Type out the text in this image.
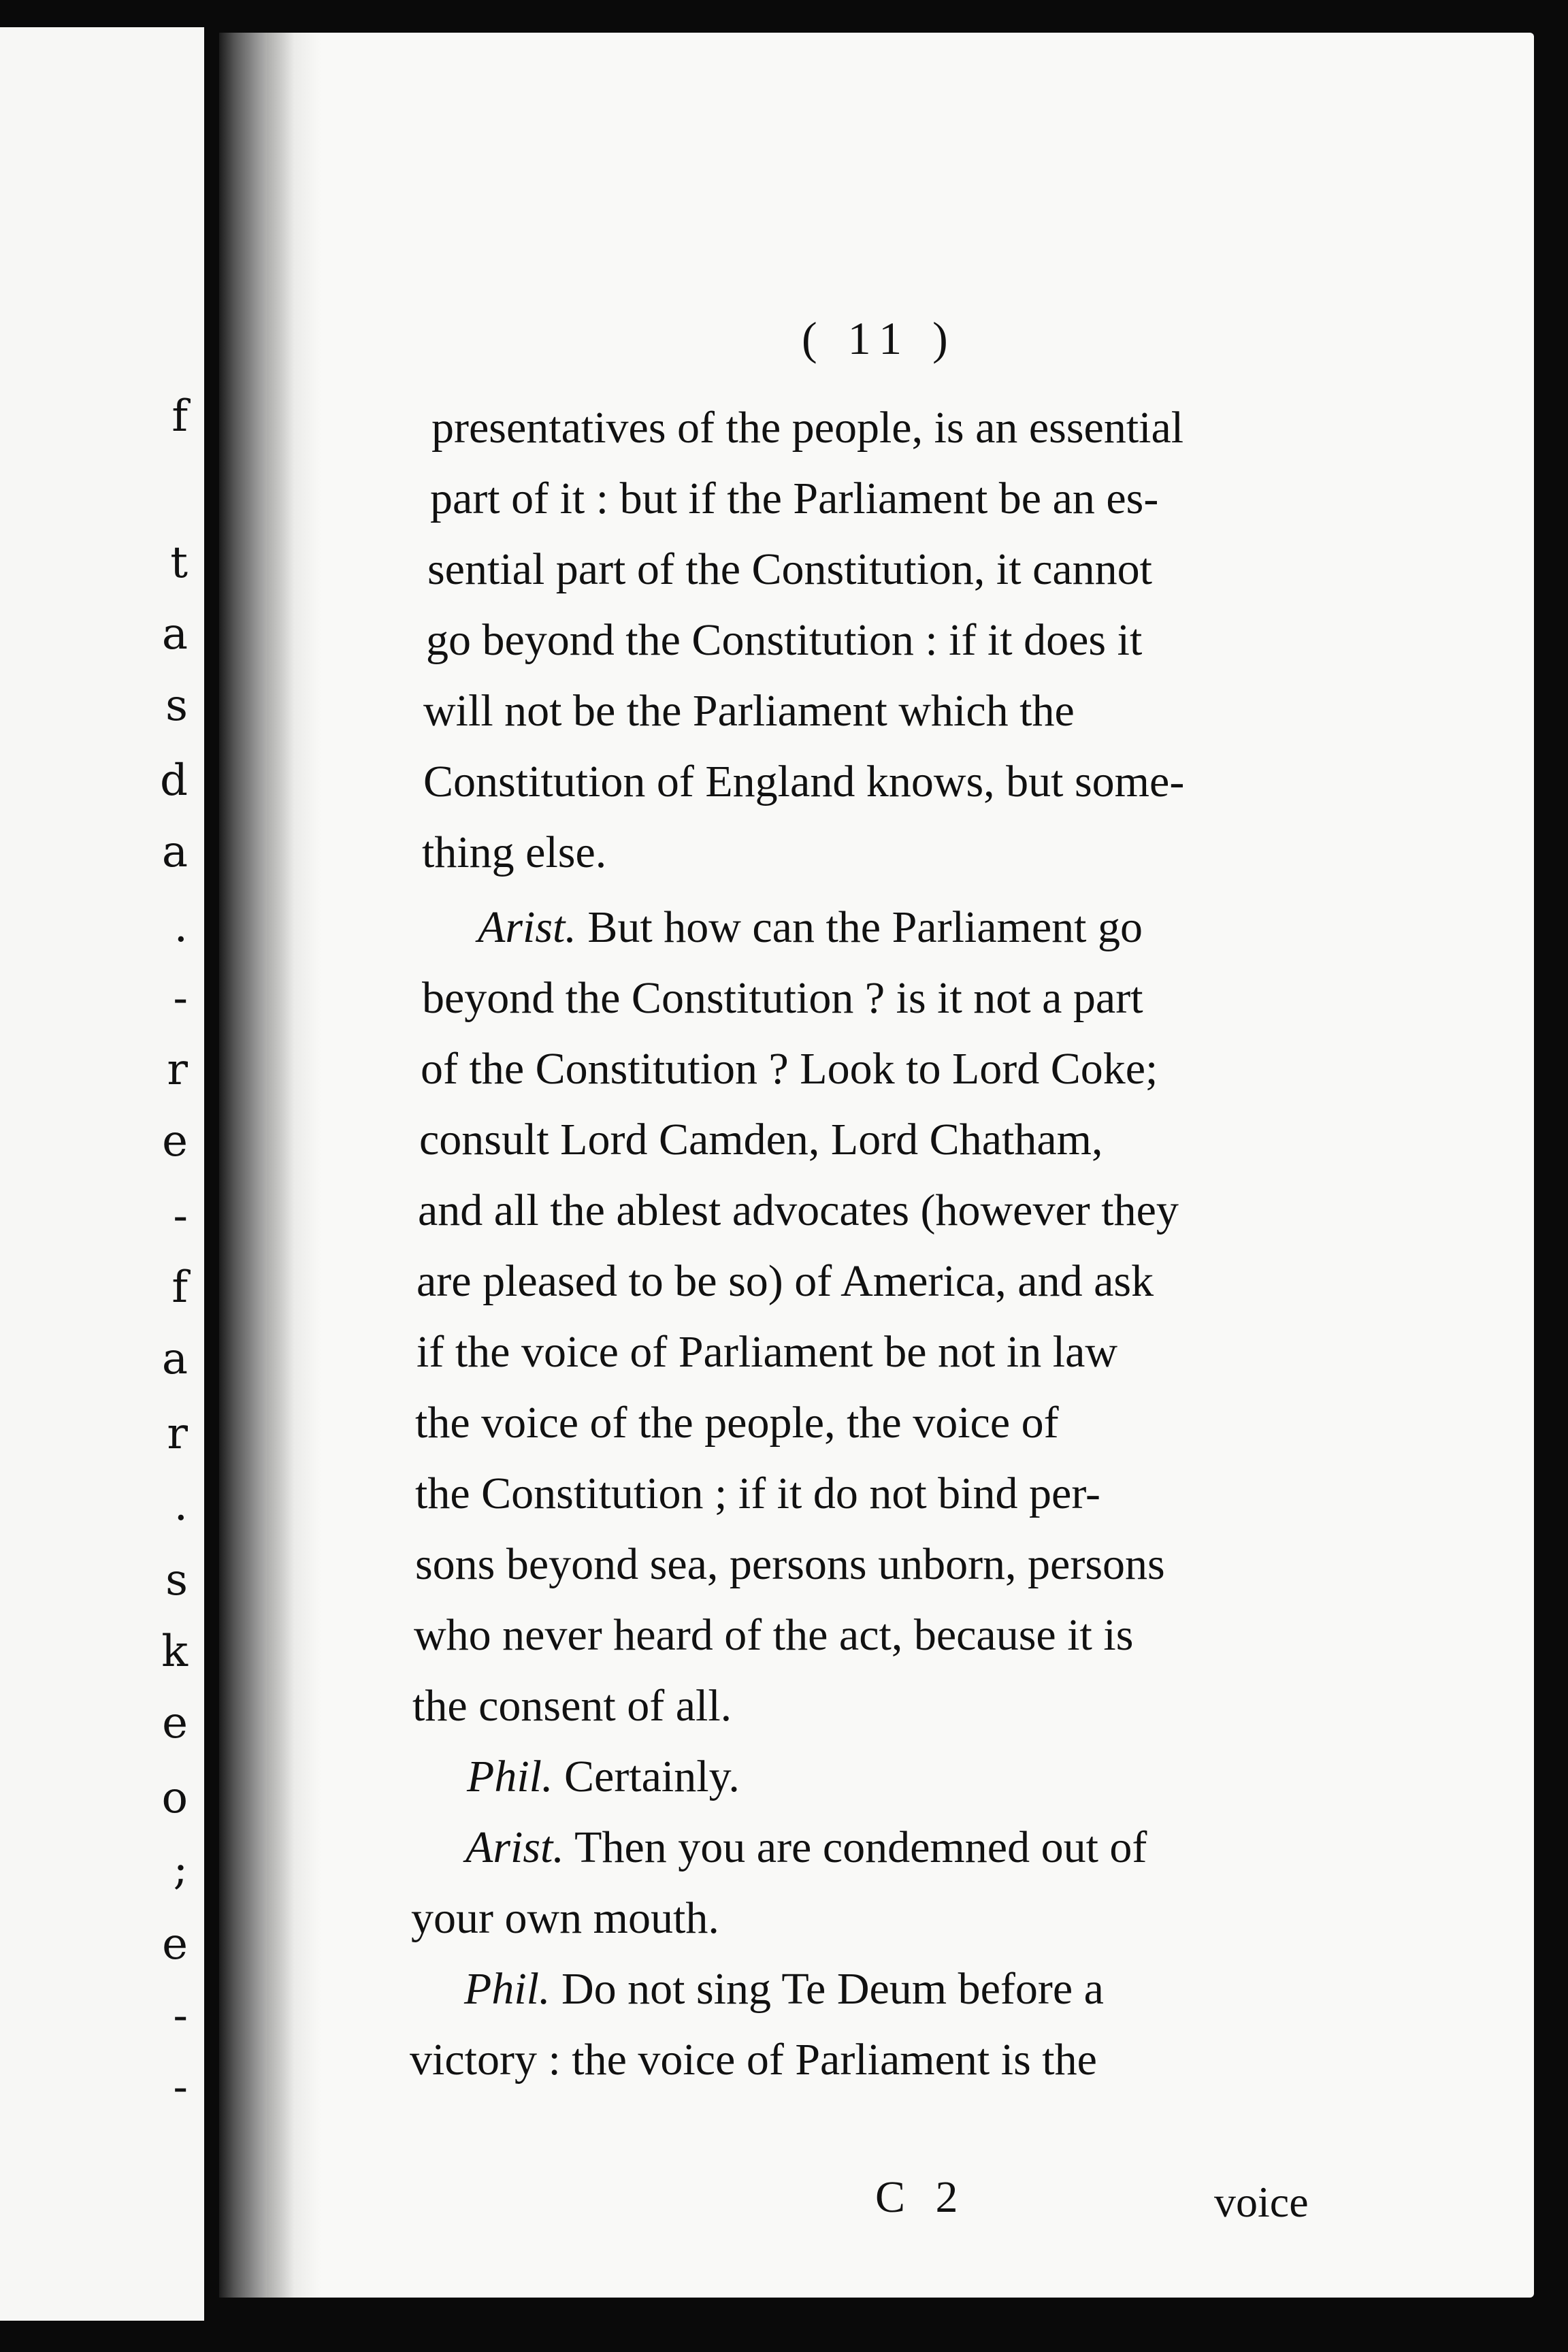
f
t
a
s
d
a
.
-
r
e
-
f
a
r
.
s
k
e
o
;
e
-
-
( 11 )
presentatives of the people, is an essential
part of it : but if the Parliament be an es-
sential part of the Constitution, it cannot
go beyond the Constitution : if it does it
will not be the Parliament which the
Constitution of England knows, but some-
thing else.
Arist. But how can the Parliament go
beyond the Constitution ? is it not a part
of the Constitution ? Look to Lord Coke;
consult Lord Camden, Lord Chatham,
and all the ablest advocates (however they
are pleased to be so) of America, and ask
if the voice of Parliament be not in law
the voice of the people, the voice of
the Constitution ; if it do not bind per-
sons beyond sea, persons unborn, persons
who never heard of the act, because it is
the consent of all.
Phil. Certainly.
Arist. Then you are condemned out of
your own mouth.
Phil. Do not sing Te Deum before a
victory : the voice of Parliament is the
C 2	voice
